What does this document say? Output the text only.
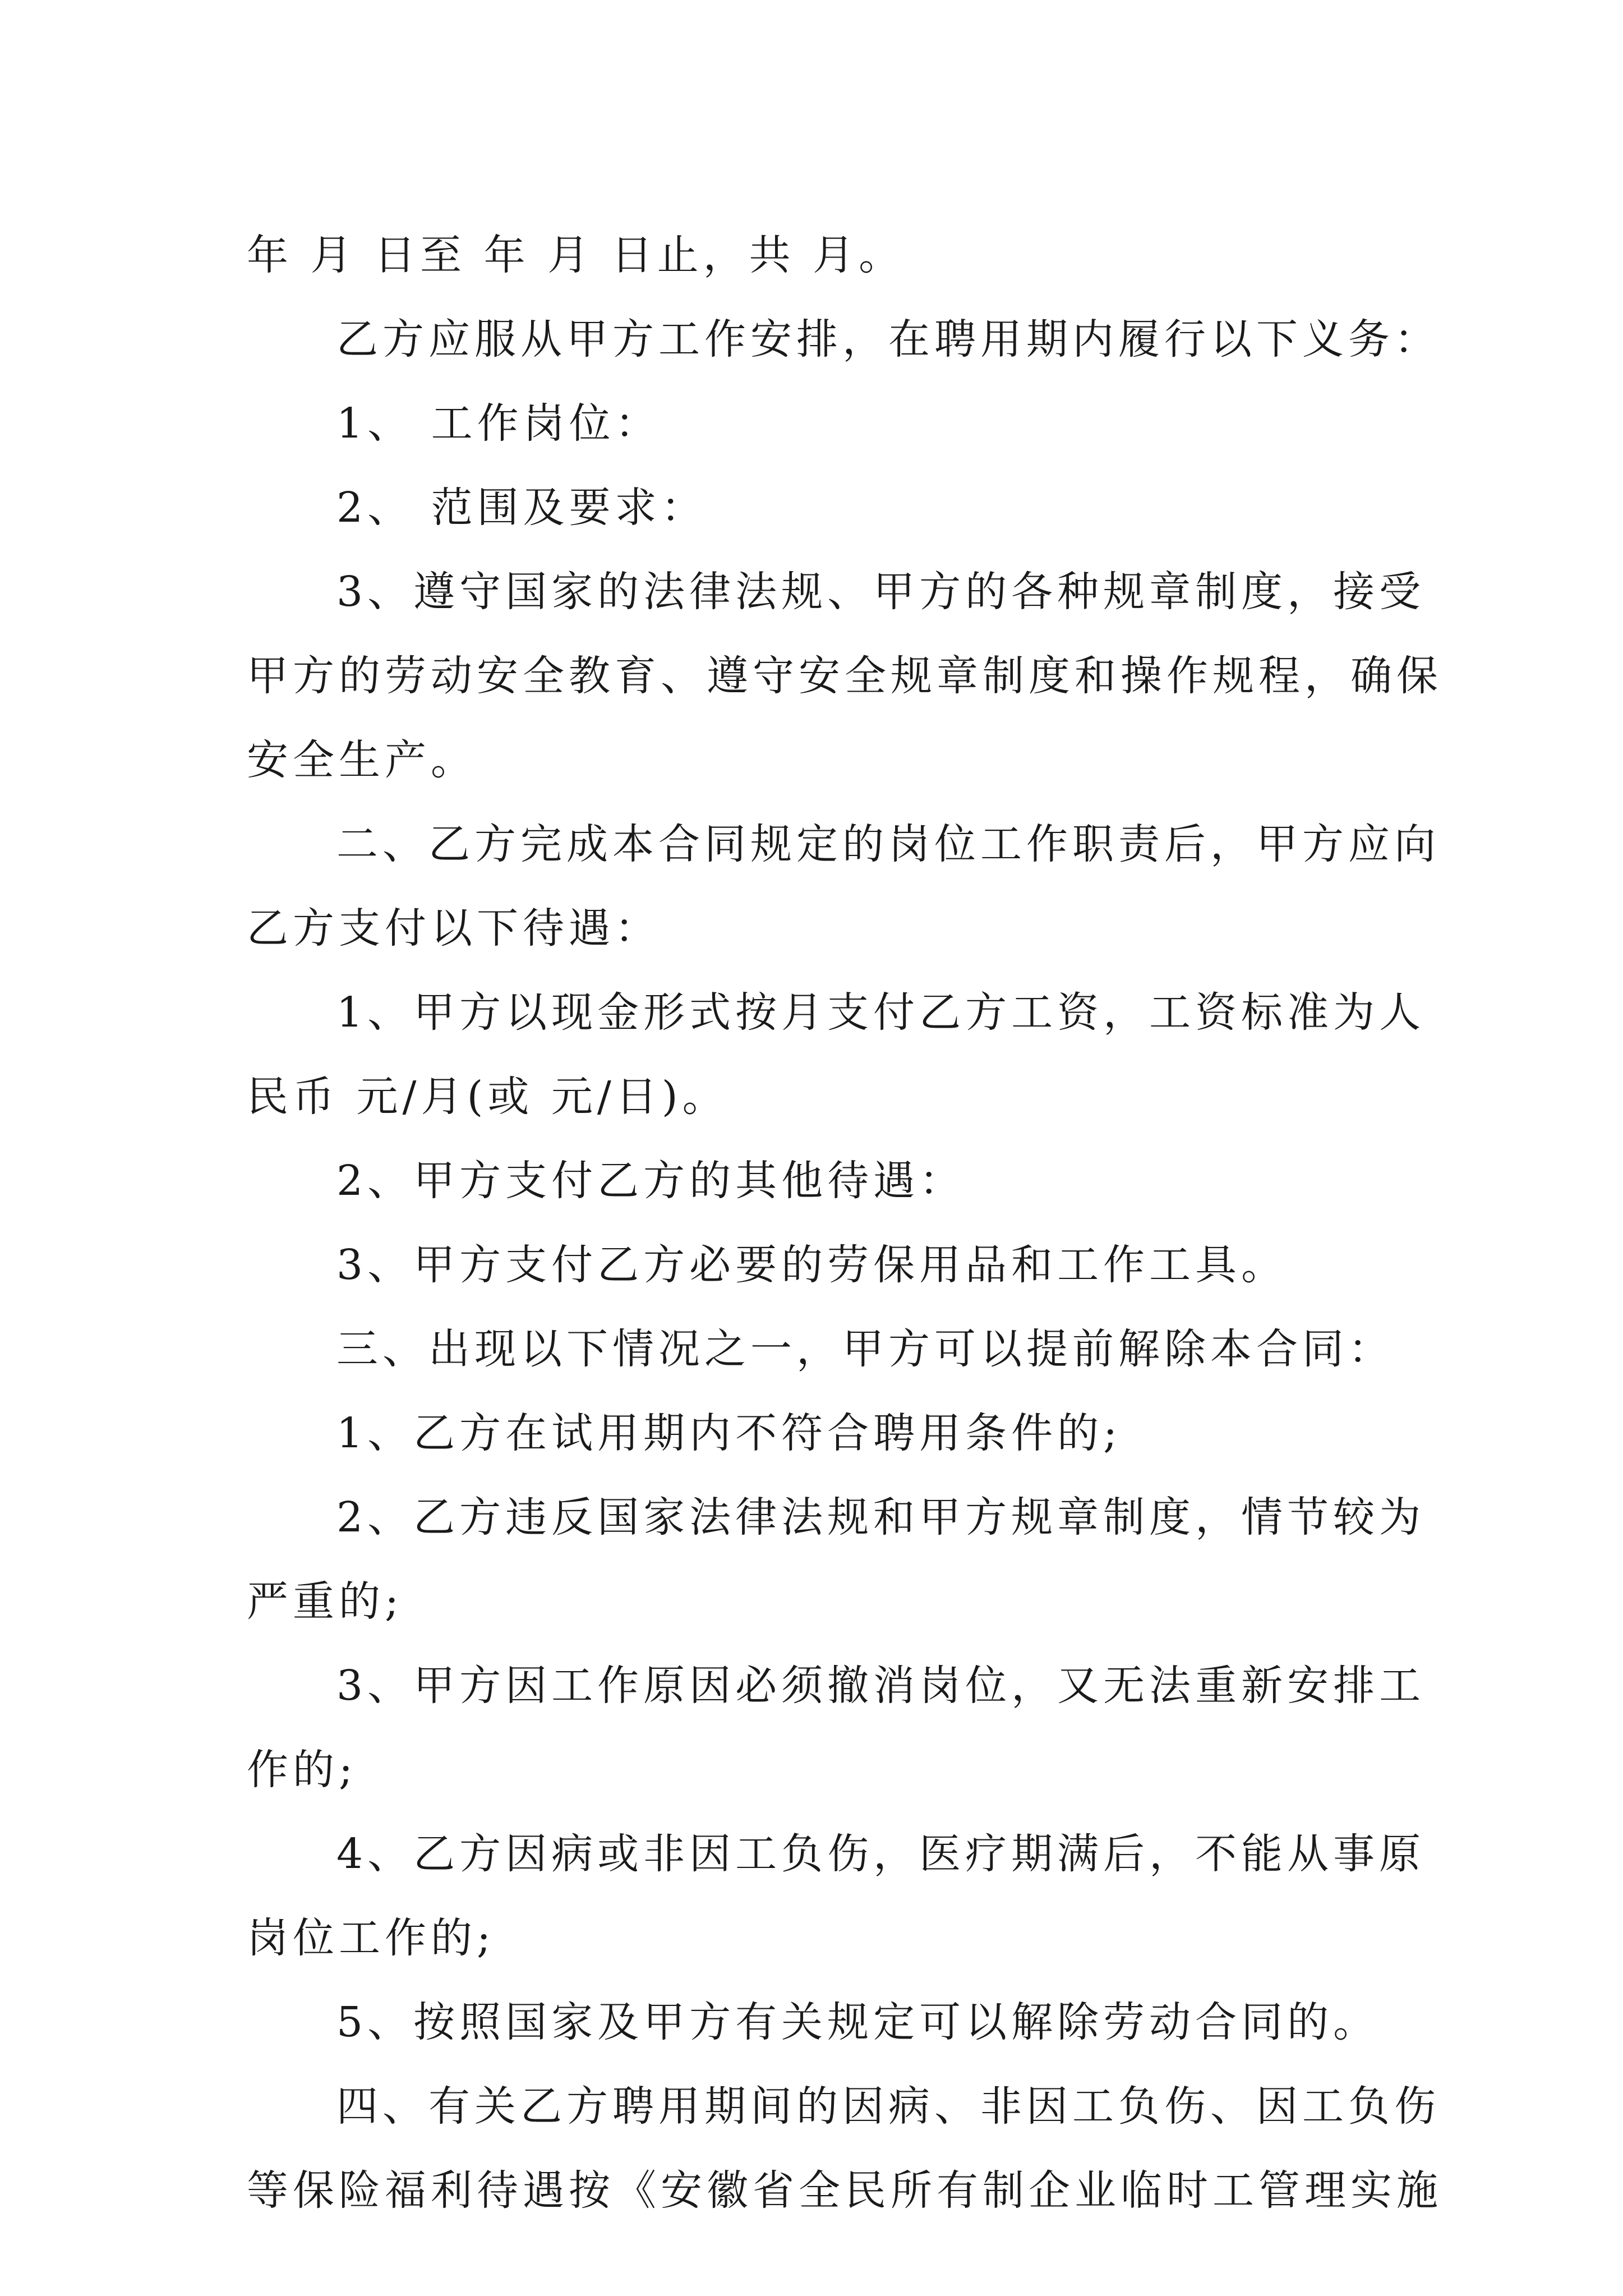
年 月 日至 年 月 日止，共 月。
乙方应服从甲方工作安排，在聘用期内履行以下义务：
1、 工作岗位：
2、 范围及要求：
3、遵守国家的法律法规、甲方的各种规章制度，接受
甲方的劳动安全教育、遵守安全规章制度和操作规程，确保
安全生产。
二、乙方完成本合同规定的岗位工作职责后，甲方应向
乙方支付以下待遇：
1、甲方以现金形式按月支付乙方工资，工资标准为人
民币 元/月(或 元/日)。
2、甲方支付乙方的其他待遇：
3、甲方支付乙方必要的劳保用品和工作工具。
三、出现以下情况之一，甲方可以提前解除本合同：
1、乙方在试用期内不符合聘用条件的;
2、乙方违反国家法律法规和甲方规章制度，情节较为
严重的;
3、甲方因工作原因必须撤消岗位，又无法重新安排工
作的;
4、乙方因病或非因工负伤，医疗期满后，不能从事原
岗位工作的;
5、按照国家及甲方有关规定可以解除劳动合同的。
四、有关乙方聘用期间的因病、非因工负伤、因工负伤
等保险福利待遇按《安徽省全民所有制企业临时工管理实施
